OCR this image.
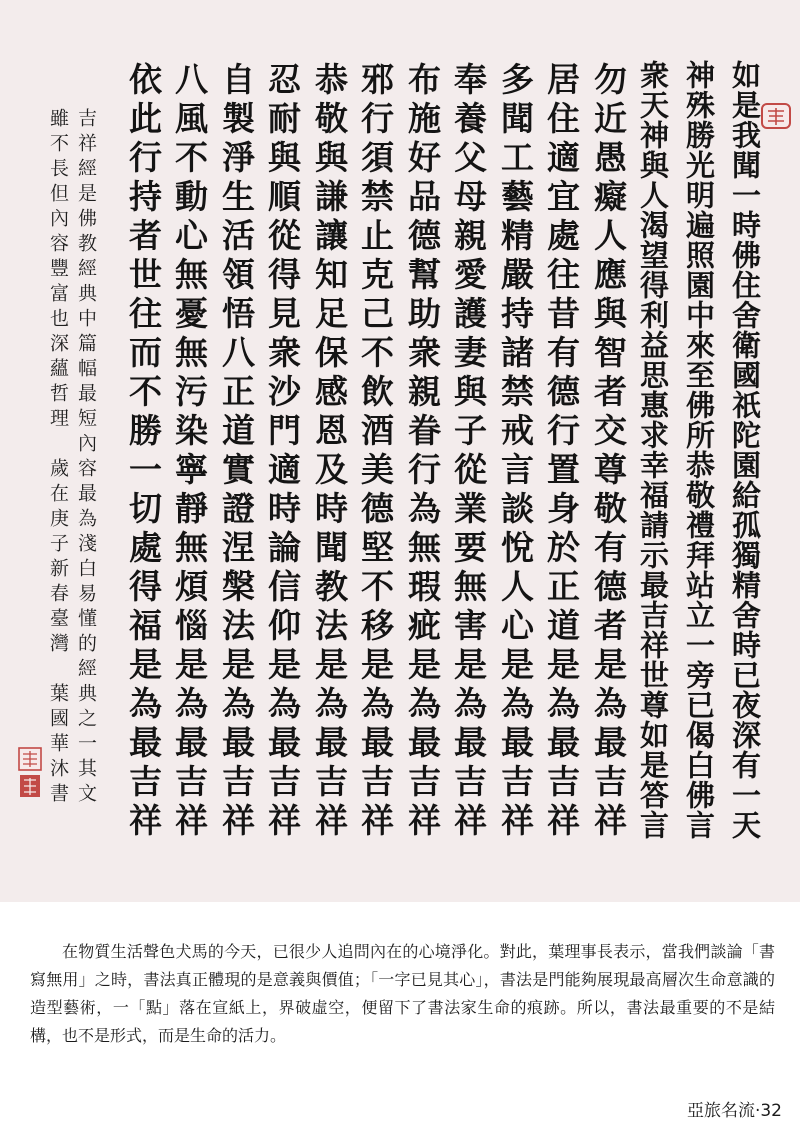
如是我聞一時佛住舍衛國祇陀園給孤獨精舍時已夜深有一天
神殊勝光明遍照園中來至佛所恭敬禮拜站立一旁已偈白佛言
衆天神與人渴望得利益思惠求幸福請示最吉祥世尊如是答言
勿近愚癡人應與智者交尊敬有德者是為最吉祥
居住適宜處往昔有德行置身於正道是為最吉祥
多聞工藝精嚴持諸禁戒言談悅人心是為最吉祥
奉養父母親愛護妻與子從業要無害是為最吉祥
布施好品德幫助衆親眷行為無瑕疵是為最吉祥
邪行須禁止克己不飲酒美德堅不移是為最吉祥
恭敬與謙讓知足保感恩及時聞教法是為最吉祥
忍耐與順從得見衆沙門適時論信仰是為最吉祥
自製淨生活領悟八正道實證涅槃法是為最吉祥
八風不動心無憂無污染寧靜無煩惱是為最吉祥
依此行持者世往而不勝一切處得福是為最吉祥
吉祥經是佛教經典中篇幅最短內容最為淺白易懂的經典之一其文
雖不長但內容豐富也深蘊哲理　歲在庚子新春臺灣　葉國華沐書

在物質生活聲色犬馬的今天，已很少人追問內在的心境淨化。對此，葉理事長表示，當我們談論「書寫無用」之時，書法真正體現的是意義與價值；「一字已見其心」，書法是門能夠展現最高層次生命意識的造型藝術，一「點」落在宣紙上，界破虛空，便留下了書法家生命的痕跡。所以，書法最重要的不是結構，也不是形式，而是生命的活力。

亞旅名流‧32
